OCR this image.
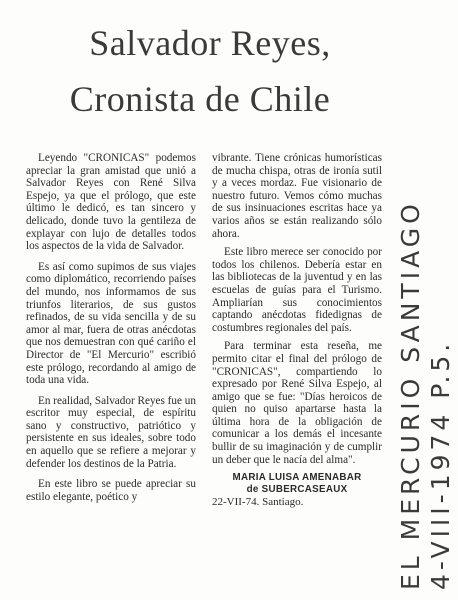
Salvador Reyes,
Cronista de Chile

Leyendo "CRONICAS" podemos apreciar la gran amistad que unió a Salvador Reyes con René Silva Espejo, ya que el prólogo, que este último le dedicó, es tan sincero y delicado, donde tuvo la gentileza de explayar con lujo de detalles todos los aspectos de la vida de Salvador.

Es así como supimos de sus viajes como diplomático, recorriendo países del mundo, nos informamos de sus triunfos literarios, de sus gustos refinados, de su vida sencilla y de su amor al mar, fuera de otras anécdotas que nos demuestran con qué cariño el Director de "El Mercurio" escribió este prólogo, recordando al amigo de toda una vida.

En realidad, Salvador Reyes fue un escritor muy especial, de espíritu sano y constructivo, patriótico y persistente en sus ideales, sobre todo en aquello que se refiere a mejorar y defender los destinos de la Patria.

En este libro se puede apreciar su estilo elegante, poético y

vibrante. Tiene crónicas humorísticas de mucha chispa, otras de ironía sutil y a veces mordaz. Fue visionario de nuestro futuro. Vemos cómo muchas de sus insinuaciones escritas hace ya varios años se están realizando sólo ahora.

Este libro merece ser conocido por todos los chilenos. Debería estar en las bibliotecas de la juventud y en las escuelas de guías para el Turismo. Ampliarían sus conocimientos captando anécdotas fidedignas de costumbres regionales del país.

Para terminar esta reseña, me permito citar el final del prólogo de "CRONICAS", compartiendo lo expresado por René Silva Espejo, al amigo que se fue: "Días heroicos de quien no quiso apartarse hasta la última hora de la obligación de comunicar a los demás el incesante bullir de su imaginación y de cumplir un deber que le nacía del alma".

MARIA LUISA AMENABAR
de SUBERCASEAUX

22-VII-74. Santiago.	EL MERCURIO SANTIAGO 4-VIII-1974 P.5.
